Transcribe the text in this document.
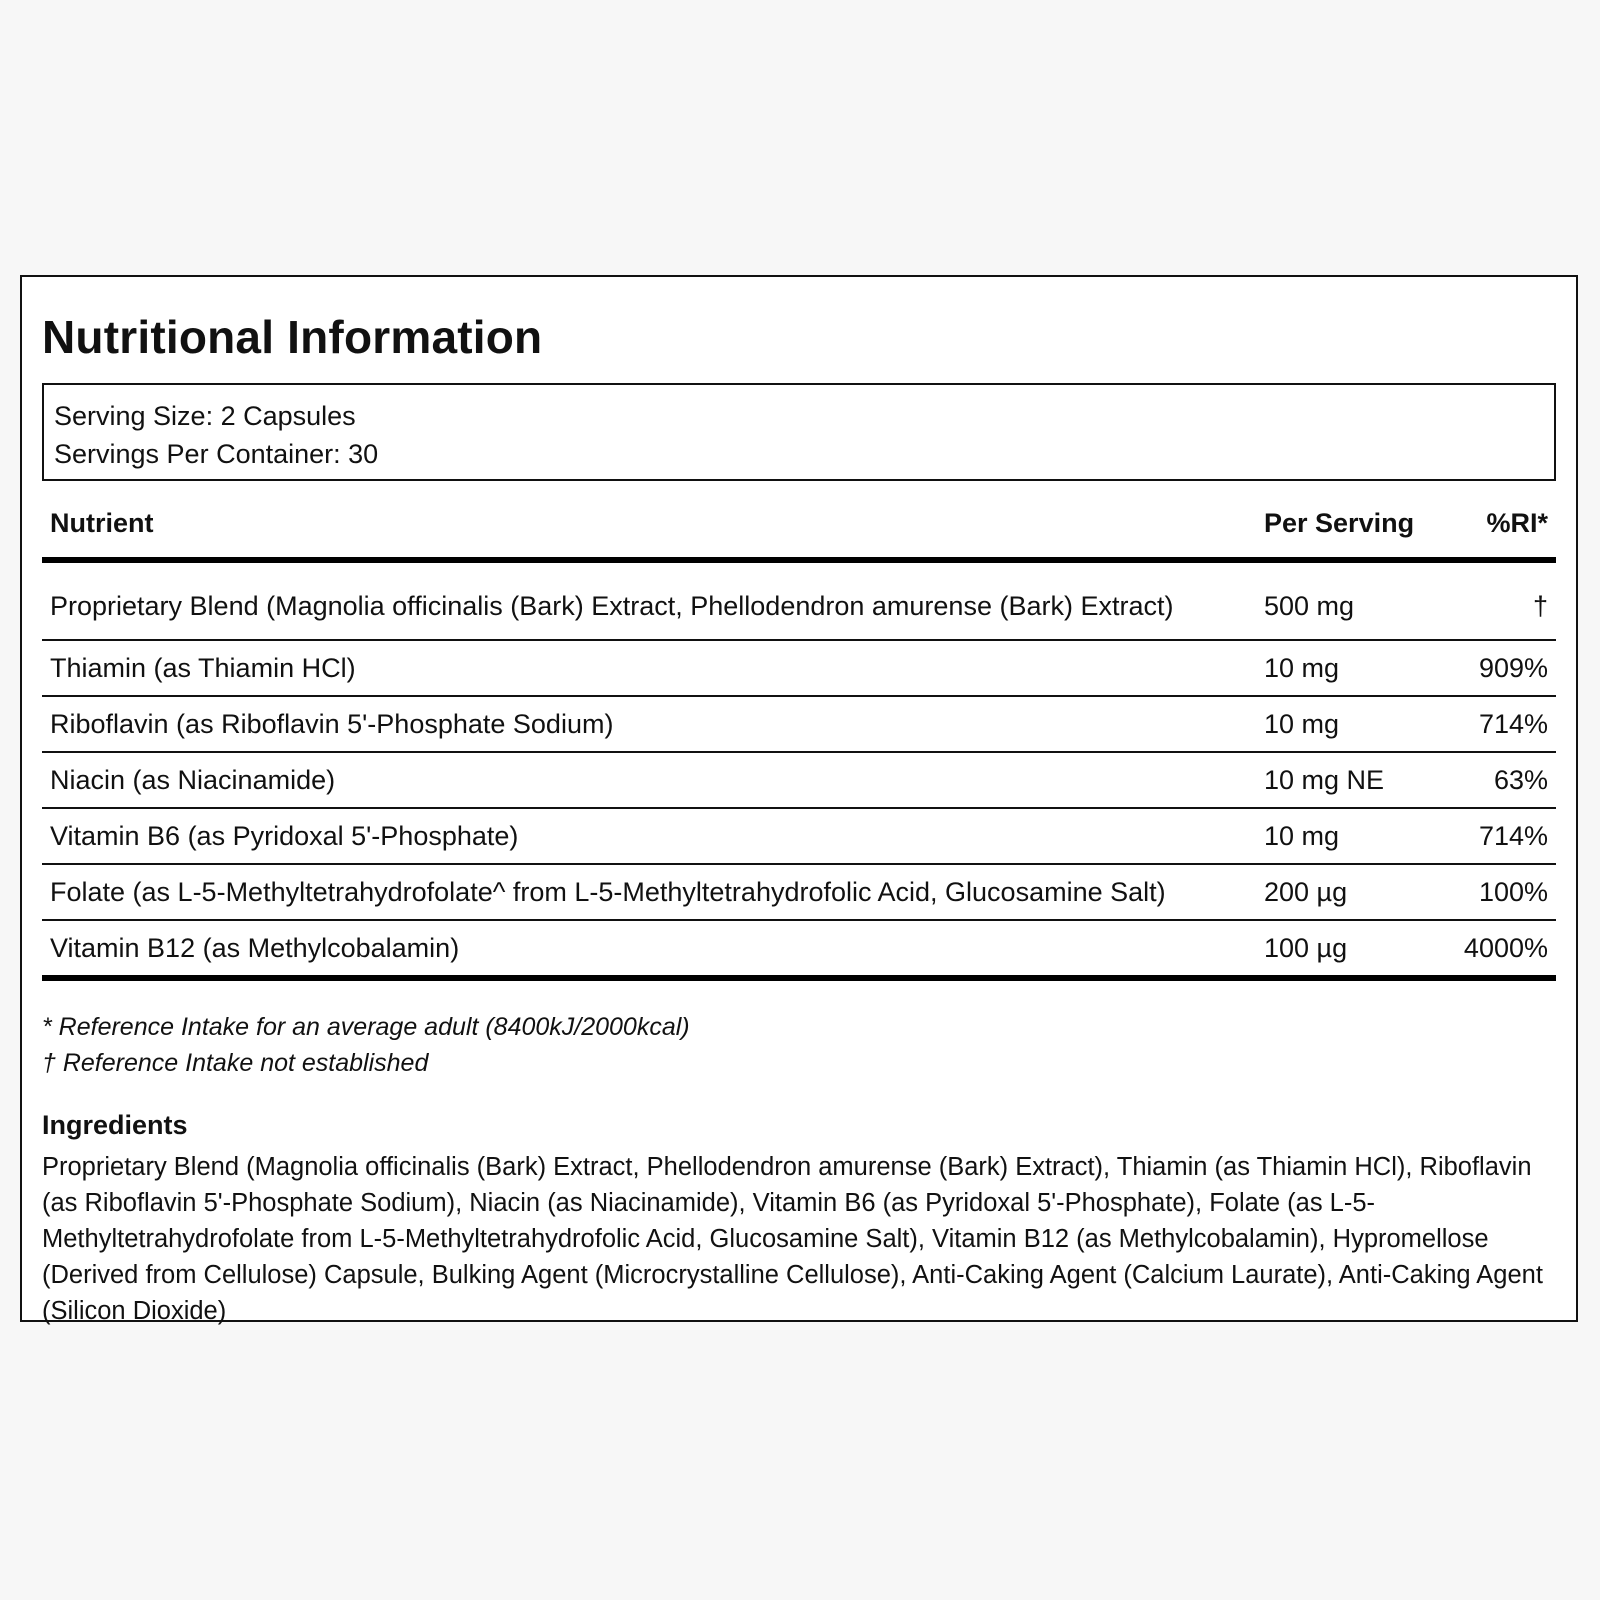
Nutritional Information
Serving Size: 2 Capsules
Servings Per Container: 30
Nutrient	Per Serving	%RI*
Proprietary Blend (Magnolia officinalis (Bark) Extract, Phellodendron amurense (Bark) Extract)	500 mg	†
Thiamin (as Thiamin HCl)	10 mg	909%
Riboflavin (as Riboflavin 5'-Phosphate Sodium)	10 mg	714%
Niacin (as Niacinamide)	10 mg NE	63%
Vitamin B6 (as Pyridoxal 5'-Phosphate)	10 mg	714%
Folate (as L-5-Methyltetrahydrofolate^ from L-5-Methyltetrahydrofolic Acid, Glucosamine Salt)	200 µg	100%
Vitamin B12 (as Methylcobalamin)	100 µg	4000%
* Reference Intake for an average adult (8400kJ/2000kcal)
† Reference Intake not established
Ingredients
Proprietary Blend (Magnolia officinalis (Bark) Extract, Phellodendron amurense (Bark) Extract), Thiamin (as Thiamin HCl), Riboflavin (as Riboflavin 5'-Phosphate Sodium), Niacin (as Niacinamide), Vitamin B6 (as Pyridoxal 5'-Phosphate), Folate (as L-5-Methyltetrahydrofolate from L-5-Methyltetrahydrofolic Acid, Glucosamine Salt), Vitamin B12 (as Methylcobalamin), Hypromellose (Derived from Cellulose) Capsule, Bulking Agent (Microcrystalline Cellulose), Anti-Caking Agent (Calcium Laurate), Anti-Caking Agent (Silicon Dioxide)
